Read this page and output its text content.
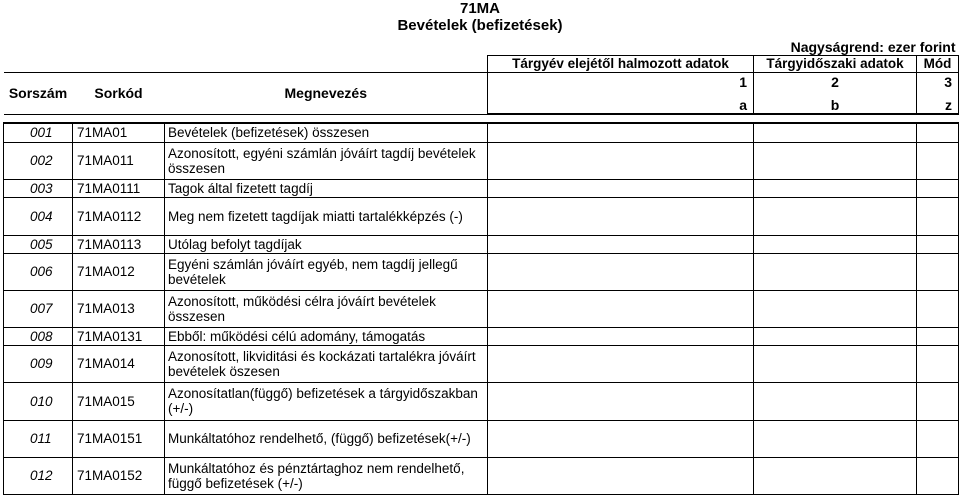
71MA
Bevételek (befizetések)
Nagyságrend: ezer forint					
			Tárgyév elejétől halmozott adatok	Tárgyidőszaki adatok	Mód
Sorszám	Sorkód	Megnevezés	1	2	3

			a	b	z

001	71MA01	Bevételek (befizetések) összesen			
002	71MA011	Azonosított, egyéni számlán jóváírt tagdíj bevételek összesen			
003	71MA0111	Tagok által fizetett tagdíj			
004	71MA0112	Meg nem fizetett tagdíjak miatti tartalékképzés (-)			
005	71MA0113	Utólag befolyt tagdíjak			
006	71MA012	Egyéni számlán jóváírt egyéb, nem tagdíj jellegű bevételek			
007	71MA013	Azonosított, működési célra jóváírt bevételek összesen			
008	71MA0131	Ebből: működési célú adomány, támogatás			
009	71MA014	Azonosított, likviditási és kockázati tartalékra jóváírt bevételek öszesen			
010	71MA015	Azonosítatlan(függő) befizetések a tárgyidőszakban (+/-)			
011	71MA0151	Munkáltatóhoz rendelhető, (függő) befizetések(+/-)			
012	71MA0152	Munkáltatóhoz és pénztártaghoz nem rendelhető, függő befizetések (+/-)			
